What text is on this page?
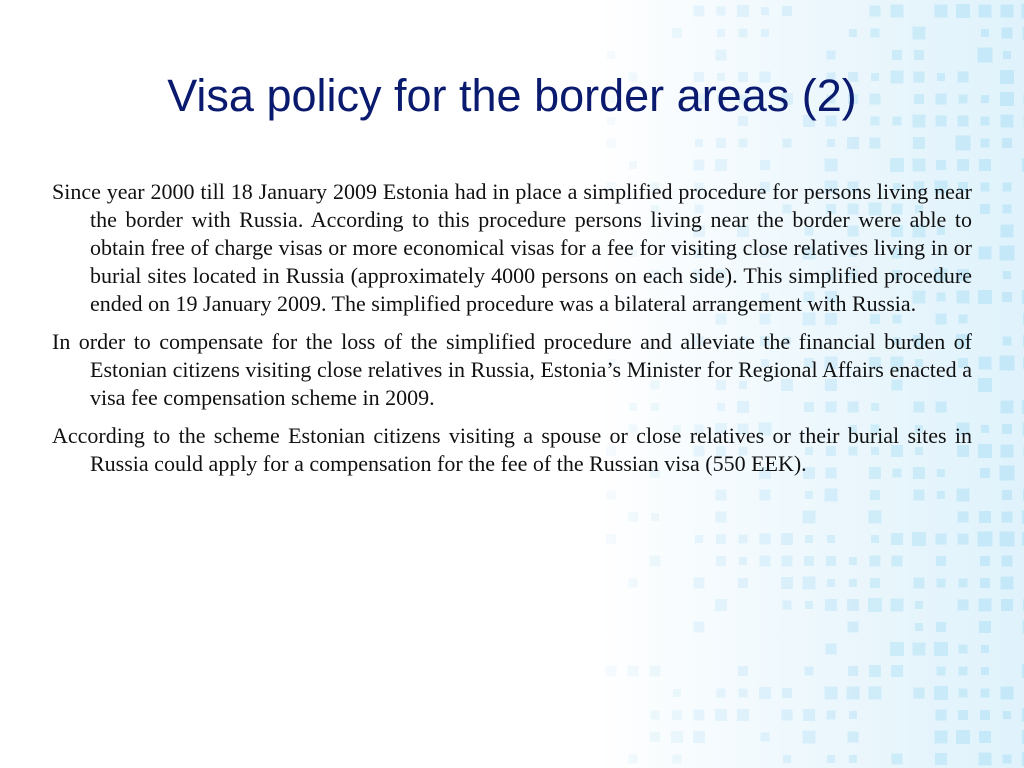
Visa policy for the border areas (2)

Since year 2000 till 18 January 2009 Estonia had in place a simplified procedure for persons living near the border with Russia. According to this procedure persons living near the border were able to obtain free of charge visas or more economical visas for a fee for visiting close relatives living in or burial sites located in Russia (approximately 4000 persons on each side). This simplified procedure ended on 19 January 2009. The simplified procedure was a bilateral arrangement with Russia.

In order to compensate for the loss of the simplified procedure and alleviate the financial burden of Estonian citizens visiting close relatives in Russia, Estonia’s Minister for Regional Affairs enacted a visa fee compensation scheme in 2009.

According to the scheme Estonian citizens visiting a spouse or close relatives or their burial sites in Russia could apply for a compensation for the fee of the Russian visa (550 EEK).
